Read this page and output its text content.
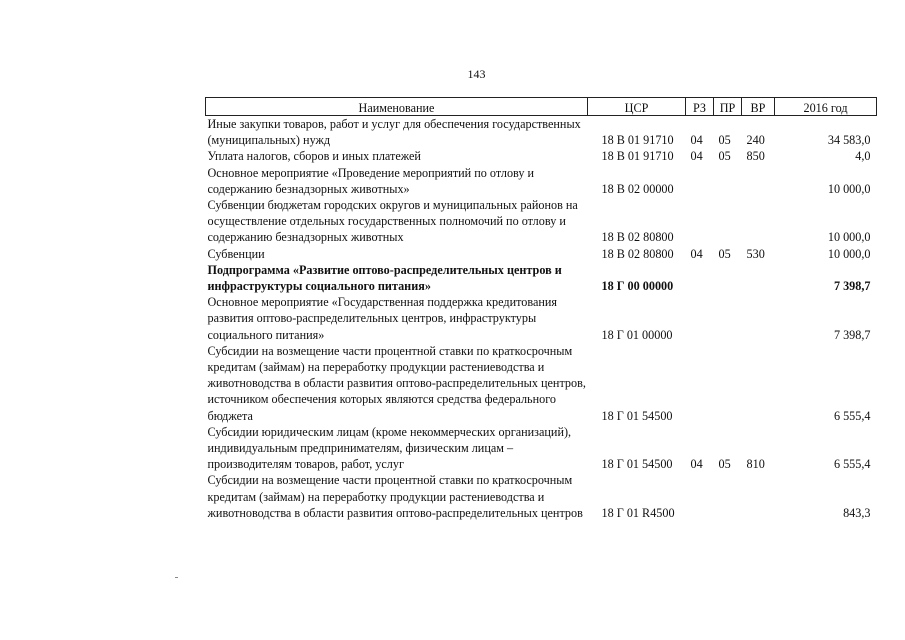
143
Наименование	ЦСР	РЗ	ПР	ВР	2016 год
Иные закупки товаров, работ и услуг для обеспечения государственных (муниципальных) нужд	18 В 01 91710	04	05	240	34 583,0
Уплата налогов, сборов и иных платежей	18 В 01 91710	04	05	850	4,0
Основное мероприятие «Проведение мероприятий по отлову и содержанию безнадзорных животных»	18 В 02 00000				10 000,0
Субвенции бюджетам городских округов и муниципальных районов на осуществление отдельных государственных полномочий по отлову и содержанию безнадзорных животных	18 В 02 80800				10 000,0
Субвенции	18 В 02 80800	04	05	530	10 000,0
Подпрограмма «Развитие оптово-распределительных центров и инфраструктуры социального питания»	18 Г 00 00000				7 398,7
Основное мероприятие «Государственная поддержка кредитования развития оптово-распределительных центров, инфраструктуры социального питания»	18 Г 01 00000				7 398,7
Субсидии на возмещение части процентной ставки по краткосрочным кредитам (займам) на переработку продукции растениеводства и животноводства в области развития оптово-распределительных центров, источником обеспечения которых являются средства федерального бюджета	18 Г 01 54500				6 555,4
Субсидии юридическим лицам (кроме некоммерческих организаций), индивидуальным предпринимателям, физическим лицам – производителям товаров, работ, услуг	18 Г 01 54500	04	05	810	6 555,4
Субсидии на возмещение части процентной ставки по краткосрочным кредитам (займам) на переработку продукции растениеводства и животноводства в области развития оптово-распределительных центров	18 Г 01 R4500				843,3
